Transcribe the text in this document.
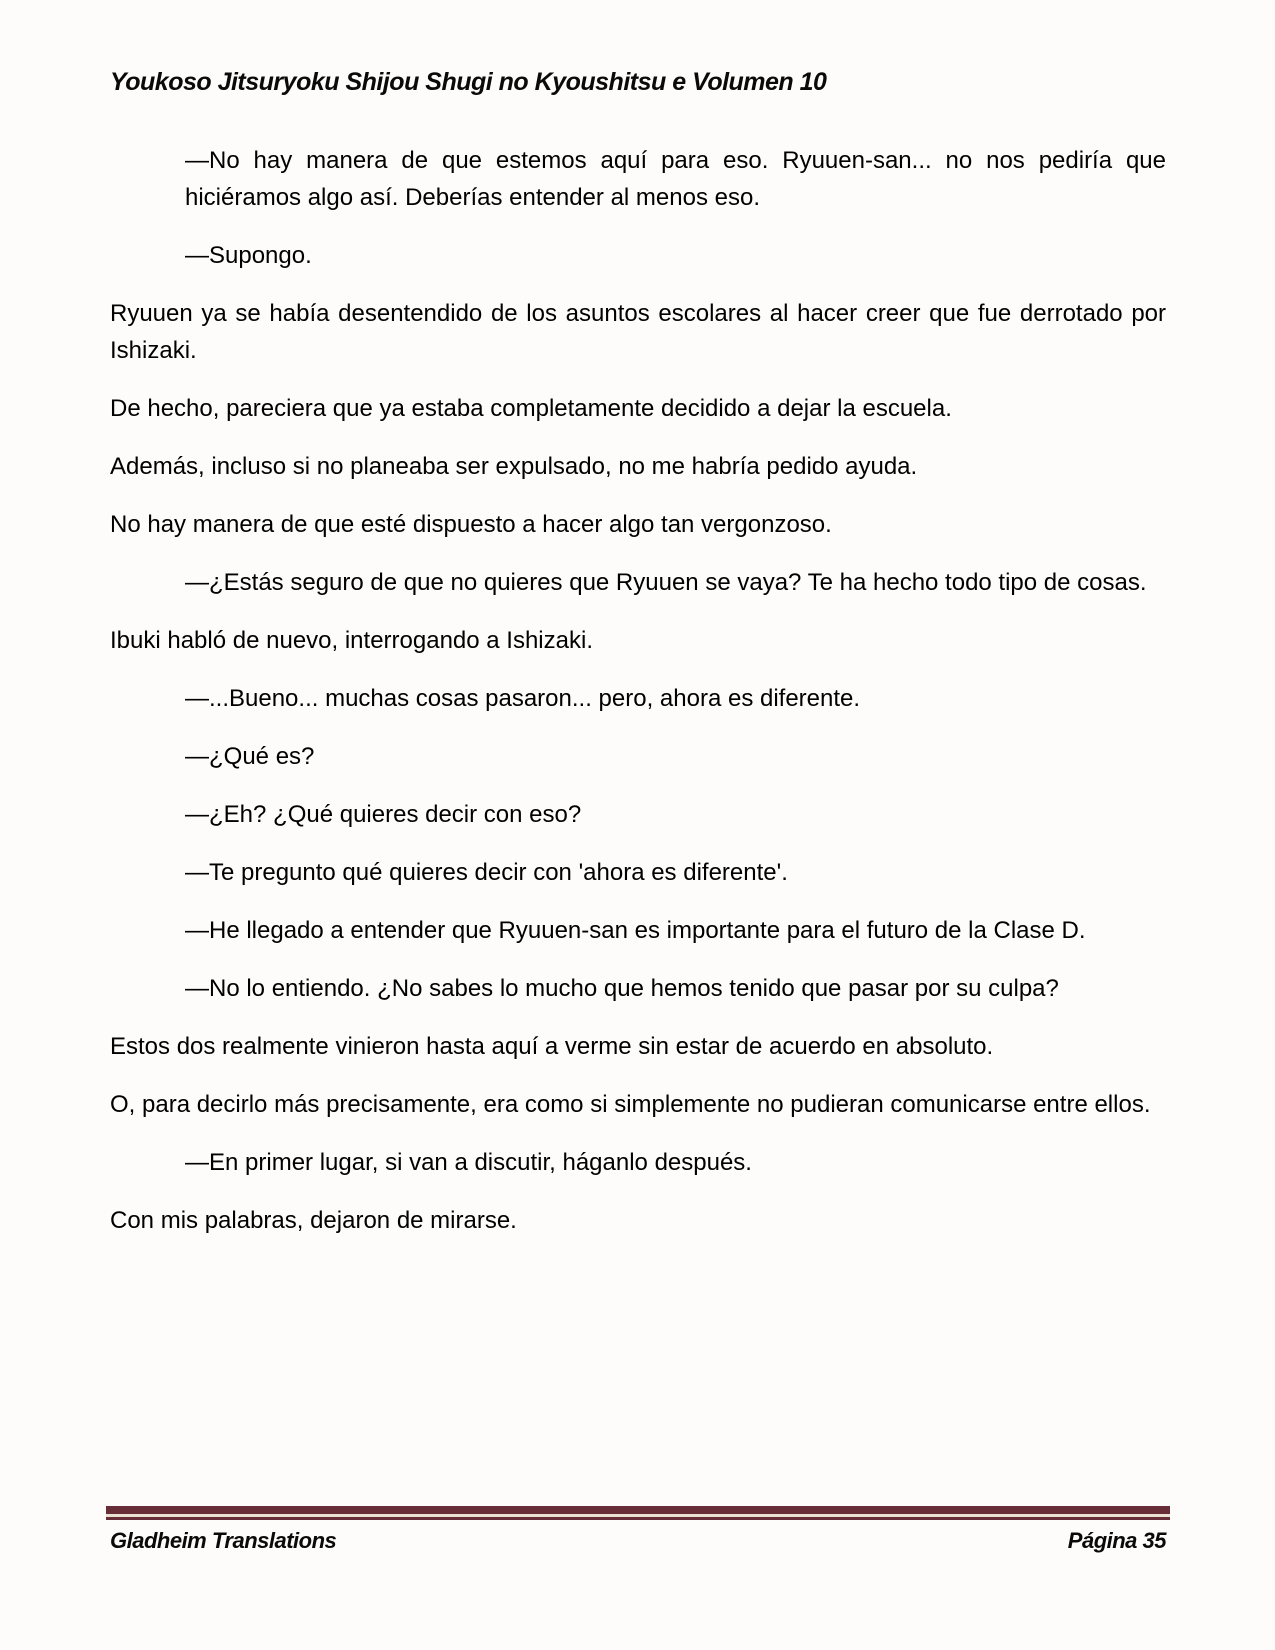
Youkoso Jitsuryoku Shijou Shugi no Kyoushitsu e Volumen 10

—No hay manera de que estemos aquí para eso. Ryuuen-san... no nos pediría que hiciéramos algo así. Deberías entender al menos eso.

—Supongo.

Ryuuen ya se había desentendido de los asuntos escolares al hacer creer que fue derrotado por Ishizaki.

De hecho, pareciera que ya estaba completamente decidido a dejar la escuela.

Además, incluso si no planeaba ser expulsado, no me habría pedido ayuda.

No hay manera de que esté dispuesto a hacer algo tan vergonzoso.

—¿Estás seguro de que no quieres que Ryuuen se vaya? Te ha hecho todo tipo de cosas.

Ibuki habló de nuevo, interrogando a Ishizaki.

—...Bueno... muchas cosas pasaron... pero, ahora es diferente.

—¿Qué es?

—¿Eh? ¿Qué quieres decir con eso?

—Te pregunto qué quieres decir con 'ahora es diferente'.

—He llegado a entender que Ryuuen-san es importante para el futuro de la Clase D.

—No lo entiendo. ¿No sabes lo mucho que hemos tenido que pasar por su culpa?

Estos dos realmente vinieron hasta aquí a verme sin estar de acuerdo en absoluto.

O, para decirlo más precisamente, era como si simplemente no pudieran comunicarse entre ellos.

—En primer lugar, si van a discutir, háganlo después.

Con mis palabras, dejaron de mirarse.

Gladheim Translations	Página 35
